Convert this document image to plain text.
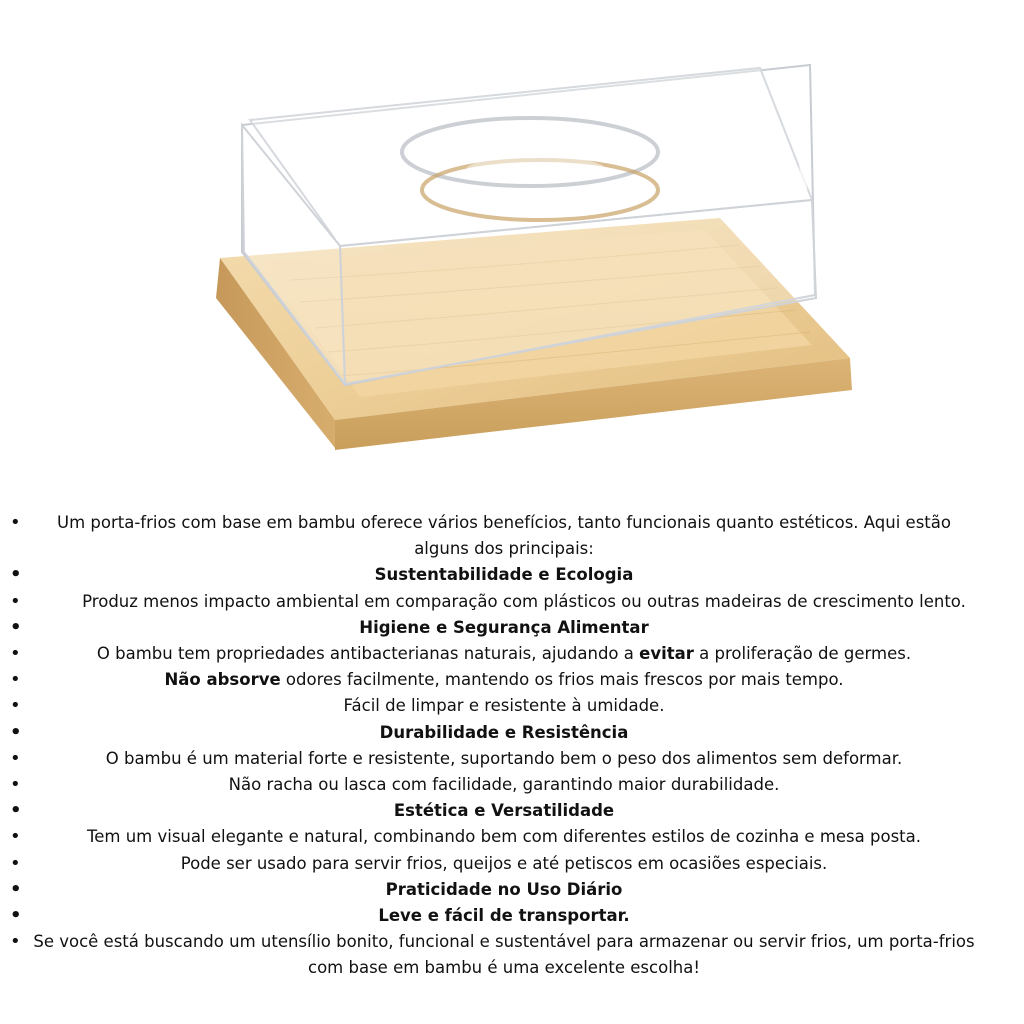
• Um porta-frios com base em bambu oferece vários benefícios, tanto funcionais quanto estéticos. Aqui estão alguns dos principais:
• Sustentabilidade e Ecologia
• Produz menos impacto ambiental em comparação com plásticos ou outras madeiras de crescimento lento.
• Higiene e Segurança Alimentar
• O bambu tem propriedades antibacterianas naturais, ajudando a evitar a proliferação de germes.
• Não absorve odores facilmente, mantendo os frios mais frescos por mais tempo.
• Fácil de limpar e resistente à umidade.
• Durabilidade e Resistência
• O bambu é um material forte e resistente, suportando bem o peso dos alimentos sem deformar.
• Não racha ou lasca com facilidade, garantindo maior durabilidade.
• Estética e Versatilidade
• Tem um visual elegante e natural, combinando bem com diferentes estilos de cozinha e mesa posta.
• Pode ser usado para servir frios, queijos e até petiscos em ocasiões especiais.
• Praticidade no Uso Diário
• Leve e fácil de transportar.
• Se você está buscando um utensílio bonito, funcional e sustentável para armazenar ou servir frios, um porta-frios com base em bambu é uma excelente escolha!
